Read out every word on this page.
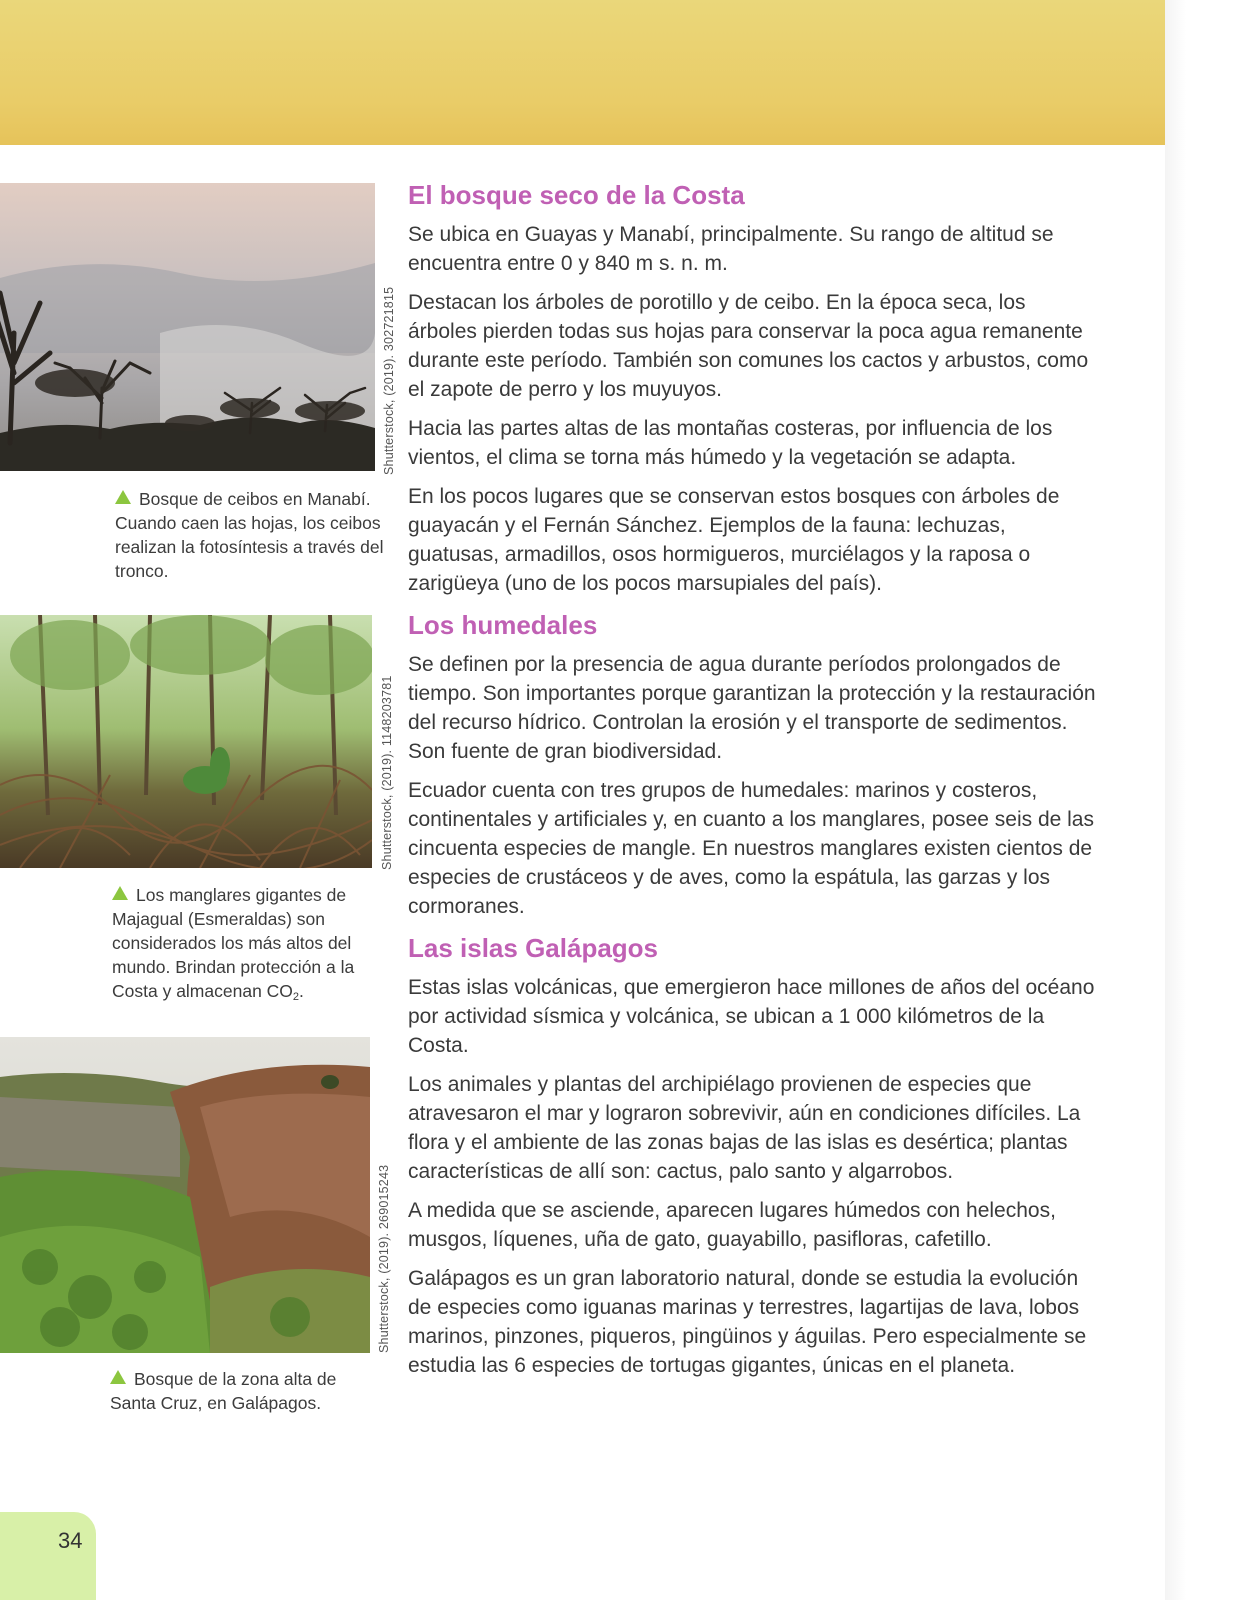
Shutterstock, (2019). 302721815
Bosque de ceibos en Manabí. Cuando caen las hojas, los ceibos realizan la fotosíntesis a través del tronco.
Shutterstock, (2019). 1148203781
Los manglares gigantes de Majagual (Esmeraldas) son considerados los más altos del mundo. Brindan protección a la Costa y almacenan $CO_2$.
Shutterstock, (2019). 269015243
Bosque de la zona alta de Santa Cruz, en Galápagos.
El bosque seco de la Costa

Se ubica en Guayas y Manabí, principalmente. Su rango de altitud se encuentra entre 0 y 840 m s. n. m.

Destacan los árboles de porotillo y de ceibo. En la época seca, los árboles pierden todas sus hojas para conservar la poca agua remanente durante este período. También son comunes los cactos y arbustos, como el zapote de perro y los muyuyos.

Hacia las partes altas de las montañas costeras, por influencia de los vientos, el clima se torna más húmedo y la vegetación se adapta.

En los pocos lugares que se conservan estos bosques con árboles de guayacán y el Fernán Sánchez. Ejemplos de la fauna: lechuzas, guatusas, armadillos, osos hormigueros, murciélagos y la raposa o zarigüeya (uno de los pocos marsupiales del país).

Los humedales

Se definen por la presencia de agua durante períodos prolongados de tiempo. Son importantes porque garantizan la protección y la restauración del recurso hídrico. Controlan la erosión y el transporte de sedimentos. Son fuente de gran biodiversidad.

Ecuador cuenta con tres grupos de humedales: marinos y costeros, continentales y artificiales y, en cuanto a los manglares, posee seis de las cincuenta especies de mangle. En nuestros manglares existen cientos de especies de crustáceos y de aves, como la espátula, las garzas y los cormoranes.

Las islas Galápagos

Estas islas volcánicas, que emergieron hace millones de años del océano por actividad sísmica y volcánica, se ubican a 1 000 kilómetros de la Costa.

Los animales y plantas del archipiélago provienen de especies que atravesaron el mar y lograron sobrevivir, aún en condiciones difíciles. La flora y el ambiente de las zonas bajas de las islas es desértica; plantas características de allí son: cactus, palo santo y algarrobos.

A medida que se asciende, aparecen lugares húmedos con helechos, musgos, líquenes, uña de gato, guayabillo, pasifloras, cafetillo.

Galápagos es un gran laboratorio natural, donde se estudia la evolución de especies como iguanas marinas y terrestres, lagartijas de lava, lobos marinos, pinzones, piqueros, pingüinos y águilas. Pero especialmente se estudia las 6 especies de tortugas gigantes, únicas en el planeta.

34
